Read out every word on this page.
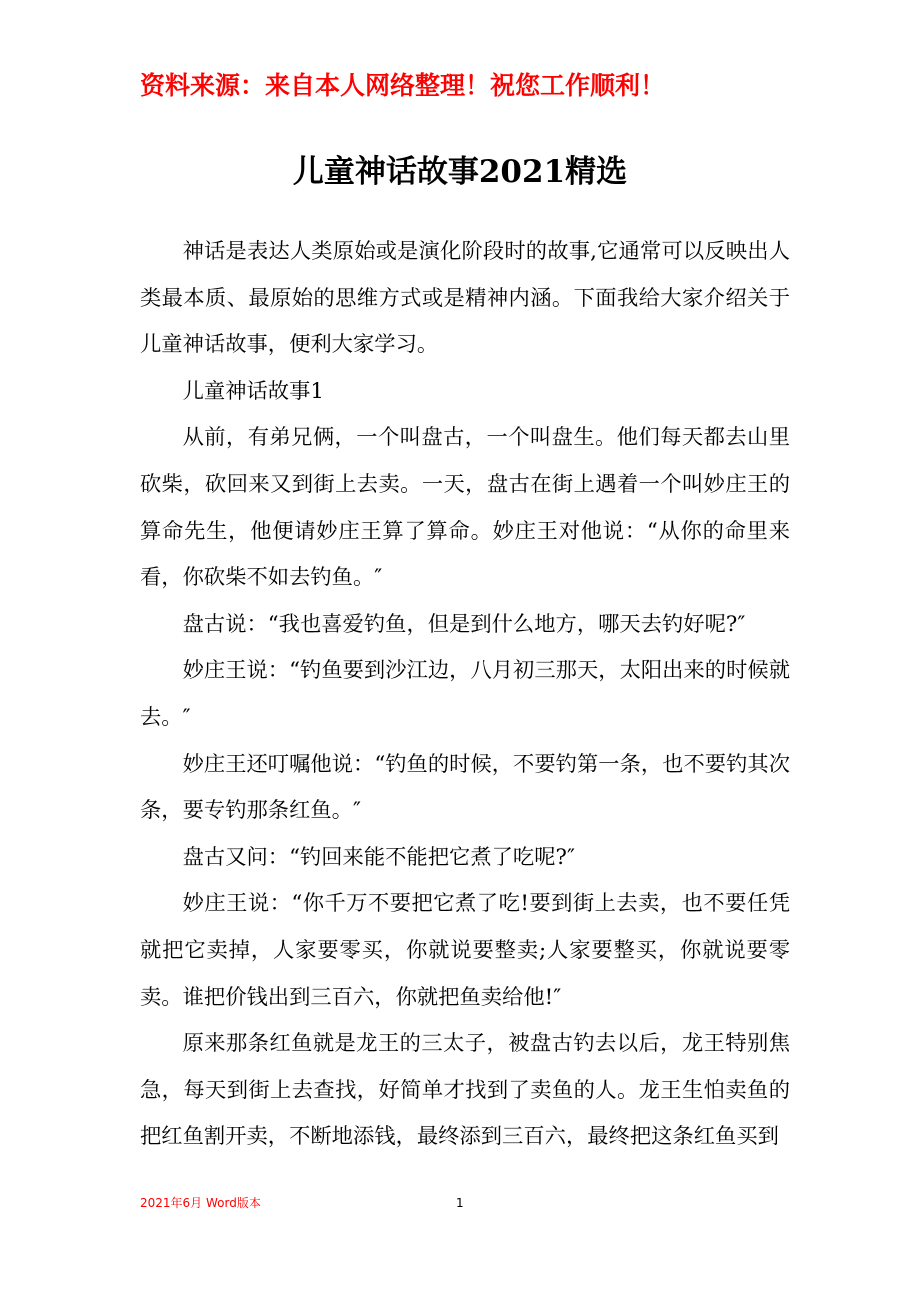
资料来源：来自本人网络整理！祝您工作顺利！
儿童神话故事2021精选

神话是表达人类原始或是演化阶段时的故事,它通常可以反映出人类最本质、最原始的思维方式或是精神内涵。下面我给大家介绍关于儿童神话故事，便利大家学习。

儿童神话故事1

从前，有弟兄俩，一个叫盘古，一个叫盘生。他们每天都去山里砍柴，砍回来又到街上去卖。一天，盘古在街上遇着一个叫妙庄王的算命先生，他便请妙庄王算了算命。妙庄王对他说：“从你的命里来看，你砍柴不如去钓鱼。″

盘古说：“我也喜爱钓鱼，但是到什么地方，哪天去钓好呢?″

妙庄王说：“钓鱼要到沙江边，八月初三那天，太阳出来的时候就去。″

妙庄王还叮嘱他说：“钓鱼的时候，不要钓第一条，也不要钓其次条，要专钓那条红鱼。″

盘古又问：“钓回来能不能把它煮了吃呢?″

妙庄王说：“你千万不要把它煮了吃!要到街上去卖，也不要任凭就把它卖掉，人家要零买，你就说要整卖;人家要整买，你就说要零卖。谁把价钱出到三百六，你就把鱼卖给他!″

原来那条红鱼就是龙王的三太子，被盘古钓去以后，龙王特别焦急，每天到街上去查找，好简单才找到了卖鱼的人。龙王生怕卖鱼的把红鱼割开卖，不断地添钱，最终添到三百六，最终把这条红鱼买到

2021年6月 Word版本	1
